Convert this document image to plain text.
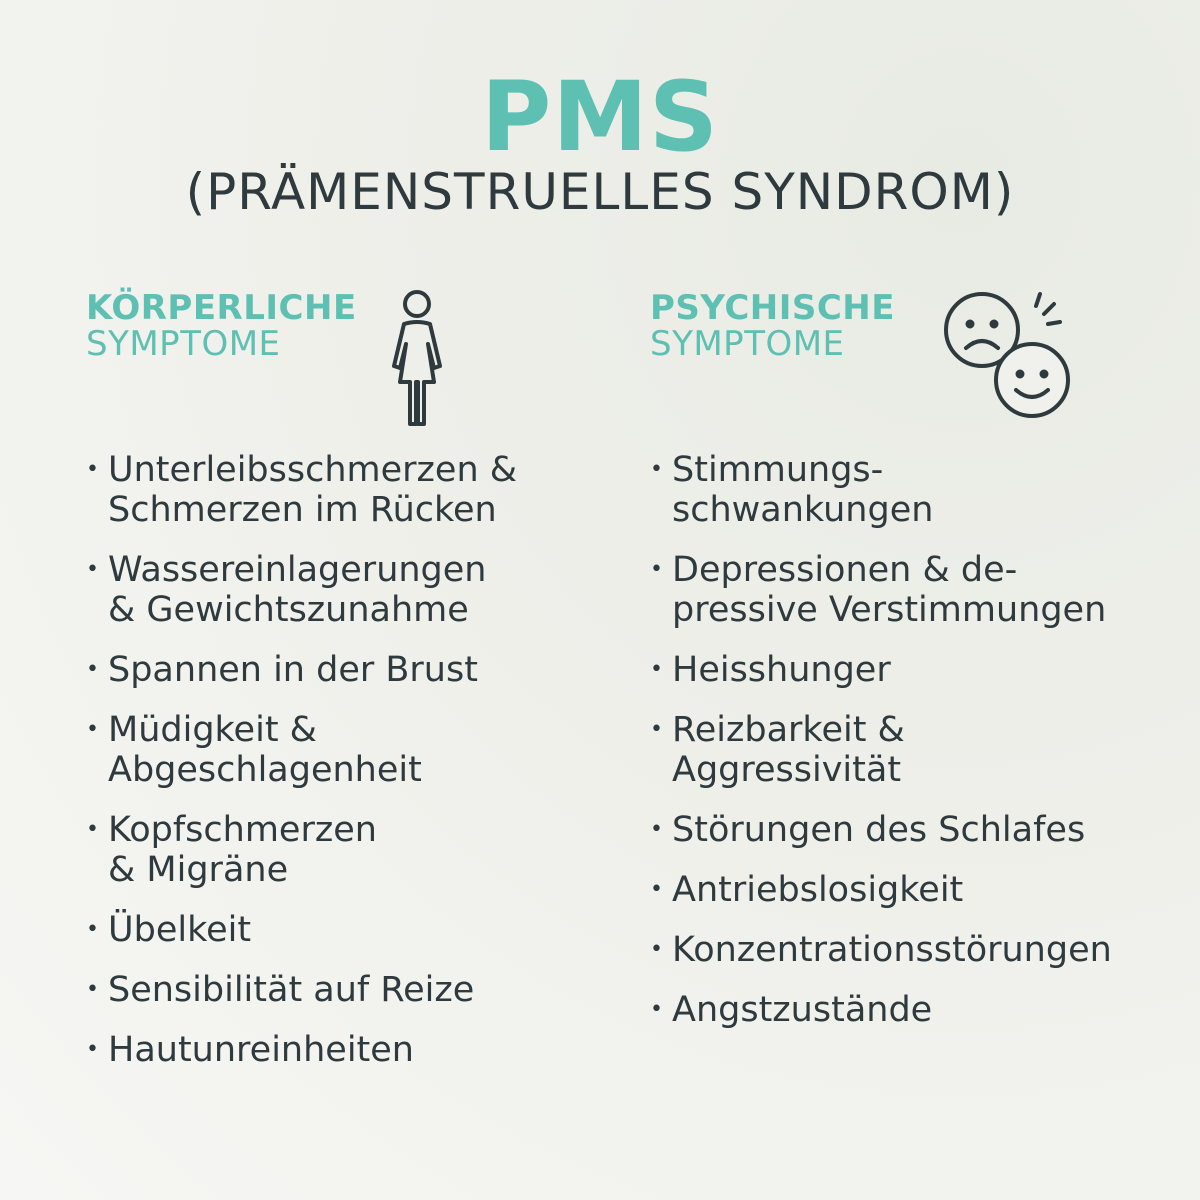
PMS
(PRÄMENSTRUELLES SYNDROM)
KÖRPERLICHE
SYMPTOME
• Unterleibsschmerzen &
Schmerzen im Rücken
• Wassereinlagerungen
& Gewichtszunahme
• Spannen in der Brust
• Müdigkeit &
Abgeschlagenheit
• Kopfschmerzen
& Migräne
• Übelkeit
• Sensibilität auf Reize
• Hautunreinheiten
PSYCHISCHE
SYMPTOME
• Stimmungs-
schwankungen
• Depressionen & de-
pressive Verstimmungen
• Heisshunger
• Reizbarkeit &
Aggressivität
• Störungen des Schlafes
• Antriebslosigkeit
• Konzentrationsstörungen
• Angstzustände
